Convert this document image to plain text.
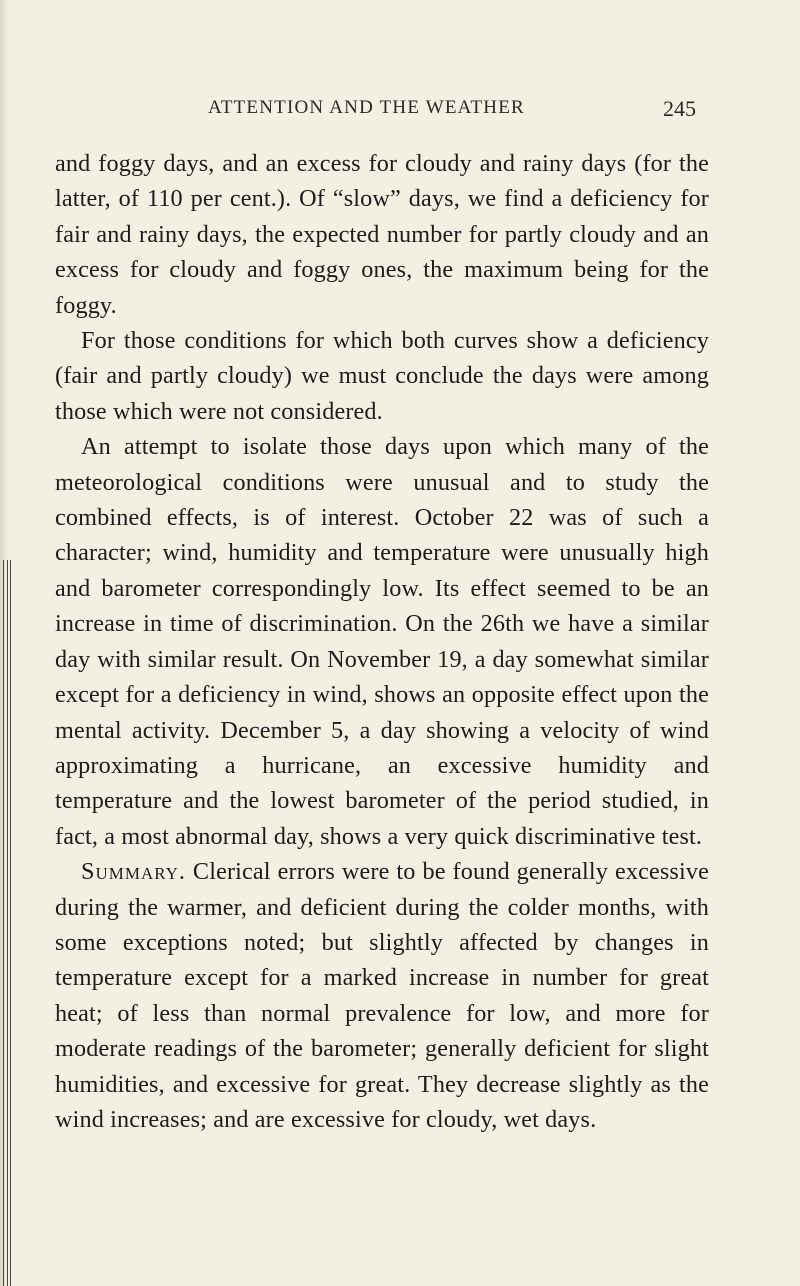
ATTENTION AND THE WEATHER	245

and foggy days, and an excess for cloudy and rainy days (for the latter, of 110 per cent.). Of “slow” days, we find a deficiency for fair and rainy days, the expected number for partly cloudy and an excess for cloudy and foggy ones, the maximum being for the foggy.

For those conditions for which both curves show a deficiency (fair and partly cloudy) we must conclude the days were among those which were not considered.

An attempt to isolate those days upon which many of the meteorological conditions were unusual and to study the combined effects, is of interest. October 22 was of such a character; wind, humidity and temperature were unusually high and barometer correspondingly low. Its effect seemed to be an increase in time of discrimination. On the 26th we have a similar day with similar result. On November 19, a day somewhat similar except for a deficiency in wind, shows an opposite effect upon the mental activity. December 5, a day showing a velocity of wind approximating a hurricane, an excessive humidity and temperature and the lowest barometer of the period studied, in fact, a most abnormal day, shows a very quick discriminative test.

Summary. Clerical errors were to be found generally excessive during the warmer, and deficient during the colder months, with some exceptions noted; but slightly affected by changes in temperature except for a marked increase in number for great heat; of less than normal prevalence for low, and more for moderate readings of the barometer; generally deficient for slight humidities, and excessive for great. They decrease slightly as the wind increases; and are excessive for cloudy, wet days.
